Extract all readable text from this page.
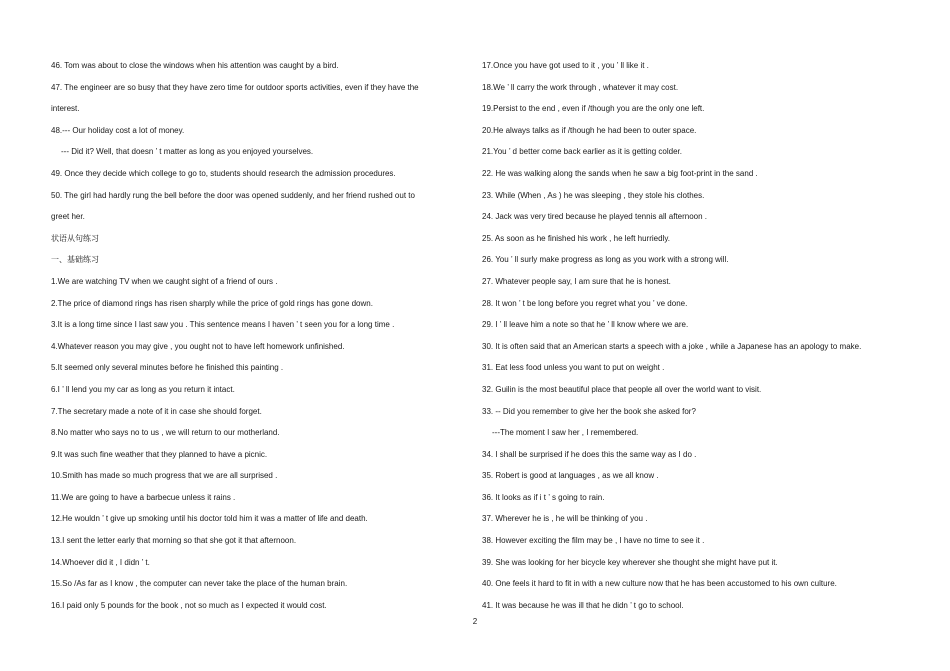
46. Tom was about to close the windows when his attention was caught by a bird.
47. The engineer are so busy that they have zero time for outdoor sports activities, even if they have the
interest.
48.--- Our holiday cost a lot of money.
--- Did it? Well, that doesn ’ t matter as long as you enjoyed yourselves.
49. Once they decide which college to go to, students should research the admission procedures.
50. The girl had hardly rung the bell before the door was opened suddenly, and her friend rushed out to
greet her.
状语从句练习
一、基础练习
1.We are watching TV when we caught sight of a friend of ours .
2.The price of diamond rings has risen sharply while the price of gold rings has gone down.
3.It is a long time since I last saw you . This sentence means I haven ’ t seen you for a long time .
4.Whatever reason you may give , you ought not to have left homework unfinished.
5.It seemed only several minutes before he finished this painting .
6.I ’ ll lend you my car as long as you return it intact.
7.The secretary made a note of it in case she should forget.
8.No matter who says no to us , we will return to our motherland.
9.It was such fine weather that they planned to have a picnic.
10.Smith has made so much progress that we are all surprised .
11.We are going to have a barbecue unless it rains .
12.He wouldn ’ t give up smoking until his doctor told him it was a matter of life and death.
13.I sent the letter early that morning so that she got it that afternoon.
14.Whoever did it , I didn ’ t.
15.So /As far as I know , the computer can never take the place of the human brain.
16.I paid only 5 pounds for the book , not so much as I expected it would cost.
17.Once you have got used to it , you ’ ll like it .
18.We ’ ll carry the work through , whatever it may cost.
19.Persist to the end , even if /though you are the only one left.
20.He always talks as if /though he had been to outer space.
21.You ’ d better come back earlier as it is getting colder.
22. He was walking along the sands when he saw a big foot-print in the sand .
23. While (When , As ) he was sleeping , they stole his clothes.
24. Jack was very tired because he played tennis all afternoon .
25. As soon as he finished his work , he left hurriedly.
26. You ’ ll surly make progress as long as you work with a strong will.
27. Whatever people say, I am sure that he is honest.
28. It won ’ t be long before you regret what you ’ ve done.
29. I ’ ll leave him a note so that he ’ ll know where we are.
30. It is often said that an American starts a speech with a joke , while a Japanese has an apology to make.
31. Eat less food unless you want to put on weight .
32. Guilin is the most beautiful place that people all over the world want to visit.
33. -- Did you remember to give her the book she asked for?
---The moment I saw her , I remembered.
34. I shall be surprised if he does this the same way as I do .
35. Robert is good at languages , as we all know .
36. It looks as if i t ’ s going to rain.
37. Wherever he is , he will be thinking of you .
38. However exciting the film may be , I have no time to see it .
39. She was looking for her bicycle key wherever she thought she might have put it.
40. One feels it hard to fit in with a new culture now that he has been accustomed to his own culture.
41. It was because he was ill that he didn ’ t go to school.
2
